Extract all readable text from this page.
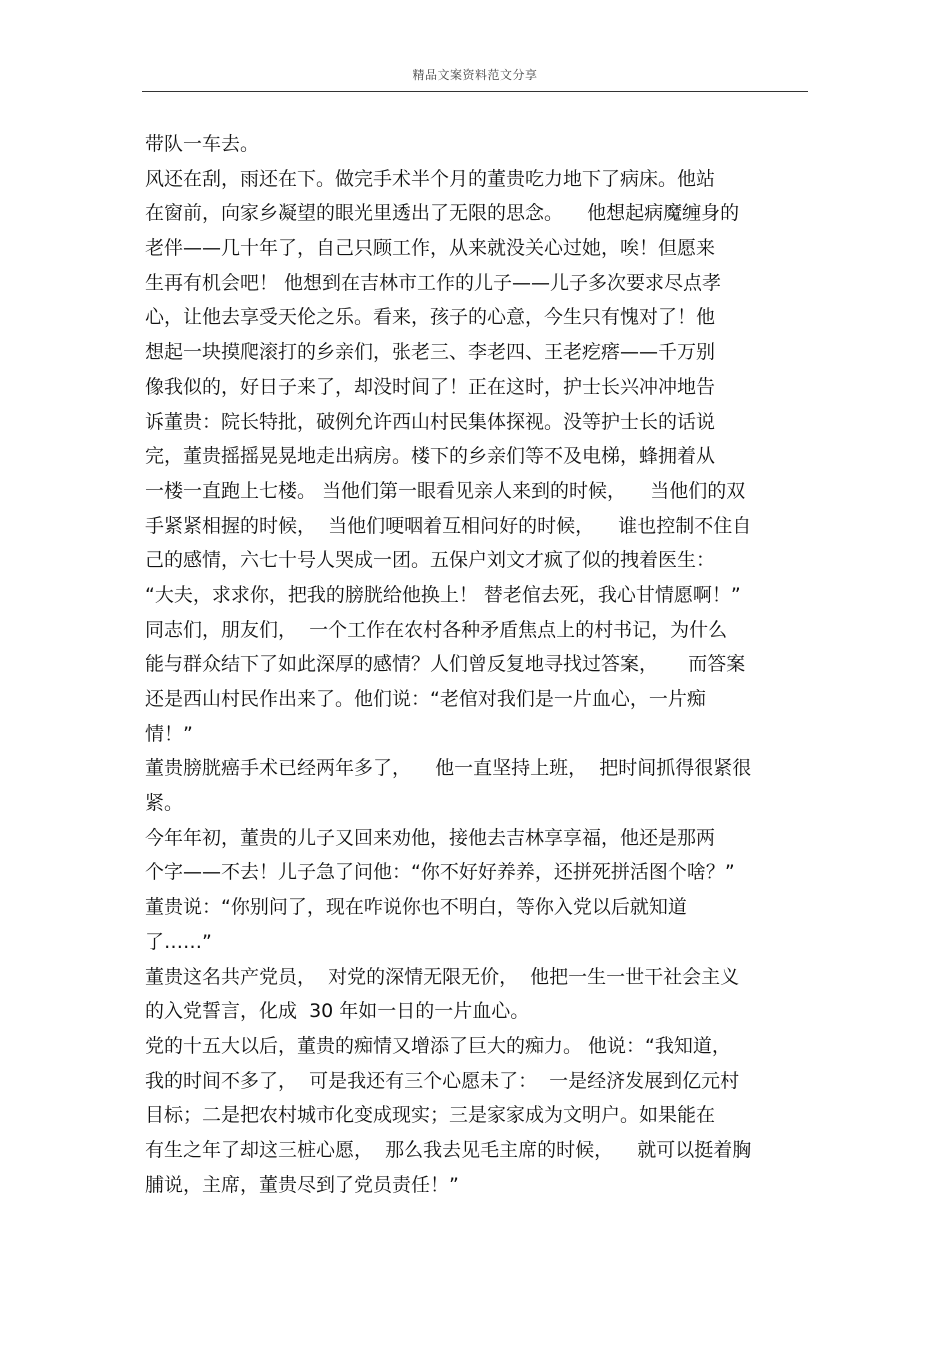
精品文案资料范文分享
带队一车去。
风还在刮，雨还在下。做完手术半个月的董贵吃力地下了病床。他站
在窗前，向家乡凝望的眼光里透出了无限的思念。    他想起病魔缠身的
老伴——几十年了，自己只顾工作，从来就没关心过她，唉！但愿来
生再有机会吧！ 他想到在吉林市工作的儿子——儿子多次要求尽点孝
心，让他去享受天伦之乐。看来，孩子的心意，今生只有愧对了！他
想起一块摸爬滚打的乡亲们，张老三、李老四、王老疙瘩——千万别
像我似的，好日子来了，却没时间了！正在这时，护士长兴冲冲地告
诉董贵：院长特批，破例允许西山村民集体探视。没等护士长的话说
完，董贵摇摇晃晃地走出病房。楼下的乡亲们等不及电梯，蜂拥着从
一楼一直跑上七楼。 当他们第一眼看见亲人来到的时候，    当他们的双
手紧紧相握的时候，  当他们哽咽着互相问好的时候，    谁也控制不住自
己的感情，六七十号人哭成一团。五保户刘文才疯了似的拽着医生：
“大夫，求求你，把我的膀胱给他换上！ 替老倌去死，我心甘情愿啊！”
同志们，朋友们，  一个工作在农村各种矛盾焦点上的村书记，为什么
能与群众结下了如此深厚的感情？人们曾反复地寻找过答案，     而答案
还是西山村民作出来了。他们说：“老倌对我们是一片血心，一片痴
情！”
董贵膀胱癌手术已经两年多了，    他一直坚持上班，  把时间抓得很紧很
紧。
今年年初，董贵的儿子又回来劝他，接他去吉林享享福，他还是那两
个字——不去！儿子急了问他：“你不好好养养，还拼死拼活图个啥？”
董贵说：“你别问了，现在咋说你也不明白，等你入党以后就知道
了……”
董贵这名共产党员，  对党的深情无限无价，  他把一生一世干社会主义
的入党誓言，化成  30 年如一日的一片血心。
党的十五大以后，董贵的痴情又增添了巨大的痴力。 他说：“我知道，
我的时间不多了，  可是我还有三个心愿未了：  一是经济发展到亿元村
目标；二是把农村城市化变成现实；三是家家成为文明户。如果能在
有生之年了却这三桩心愿，  那么我去见毛主席的时候，    就可以挺着胸
脯说，主席，董贵尽到了党员责任！”
